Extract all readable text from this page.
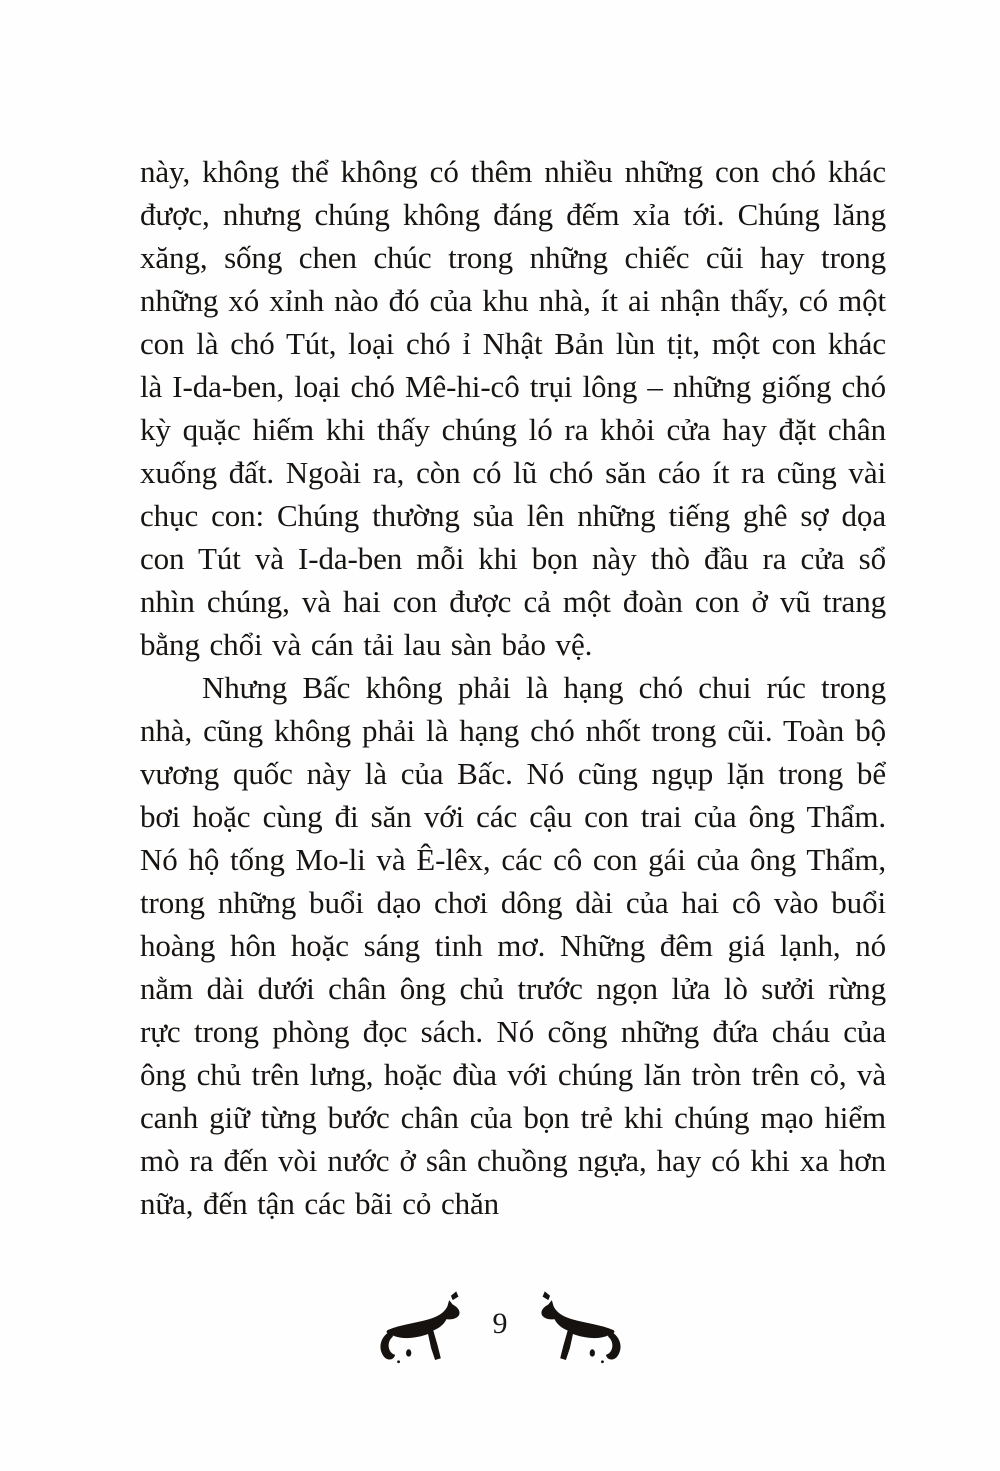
này, không thể không có thêm nhiều những con chó khác được, nhưng chúng không đáng đếm xỉa tới. Chúng lăng xăng, sống chen chúc trong những chiếc cũi hay trong những xó xỉnh nào đó của khu nhà, ít ai nhận thấy, có một con là chó Tút, loại chó ỉ Nhật Bản lùn tịt, một con khác là I-da-ben, loại chó Mê-hi-cô trụi lông – những giống chó kỳ quặc hiếm khi thấy chúng ló ra khỏi cửa hay đặt chân xuống đất. Ngoài ra, còn có lũ chó săn cáo ít ra cũng vài chục con: Chúng thường sủa lên những tiếng ghê sợ dọa con Tút và I-da-ben mỗi khi bọn này thò đầu ra cửa sổ nhìn chúng, và hai con được cả một đoàn con ở vũ trang bằng chổi và cán tải lau sàn bảo vệ.

Nhưng Bấc không phải là hạng chó chui rúc trong nhà, cũng không phải là hạng chó nhốt trong cũi. Toàn bộ vương quốc này là của Bấc. Nó cũng ngụp lặn trong bể bơi hoặc cùng đi săn với các cậu con trai của ông Thẩm. Nó hộ tống Mo-li và Ê-lêx, các cô con gái của ông Thẩm, trong những buổi dạo chơi dông dài của hai cô vào buổi hoàng hôn hoặc sáng tinh mơ. Những đêm giá lạnh, nó nằm dài dưới chân ông chủ trước ngọn lửa lò sưởi rừng rực trong phòng đọc sách. Nó cõng những đứa cháu của ông chủ trên lưng, hoặc đùa với chúng lăn tròn trên cỏ, và canh giữ từng bước chân của bọn trẻ khi chúng mạo hiểm mò ra đến vòi nước ở sân chuồng ngựa, hay có khi xa hơn nữa, đến tận các bãi cỏ chăn

9
